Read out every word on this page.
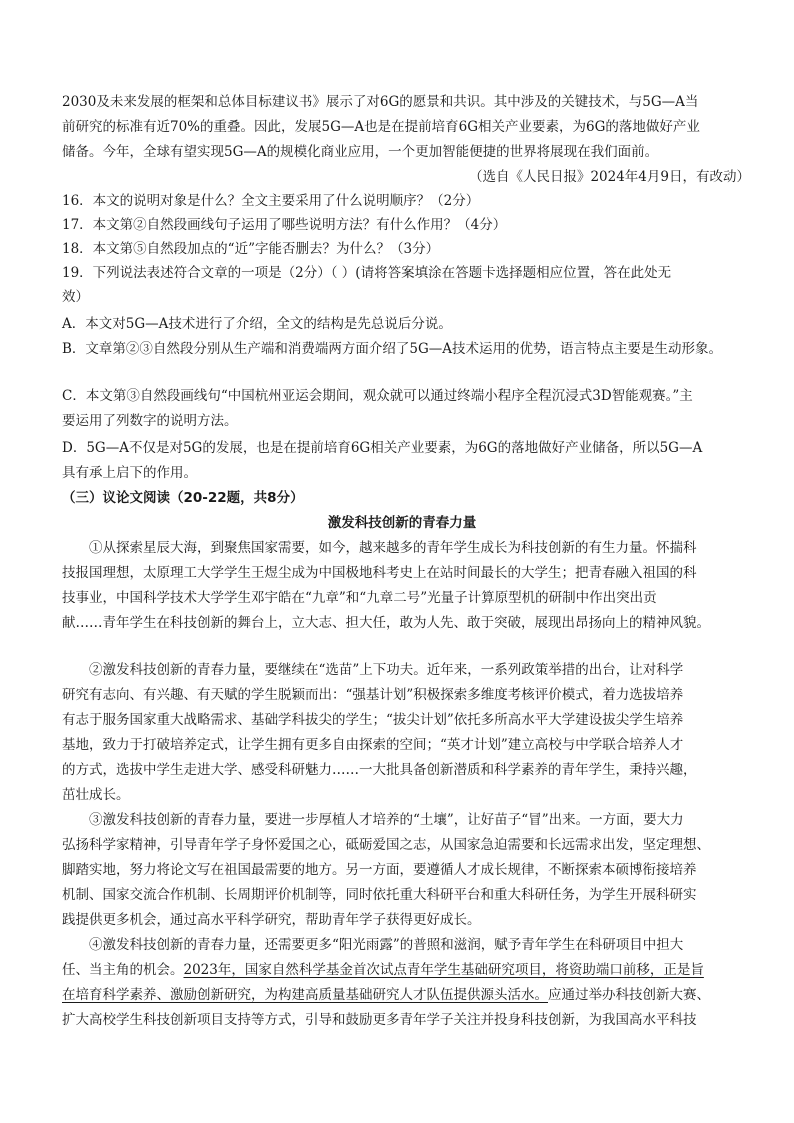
2030及未来发展的框架和总体目标建议书》展示了对6G的愿景和共识。其中涉及的关键技术，与5G—A当
前研究的标准有近70%的重叠。因此，发展5G—A也是在提前培育6G相关产业要素，为6G的落地做好产业
储备。今年，全球有望实现5G—A的规模化商业应用，一个更加智能便捷的世界将展现在我们面前。
（选自《人民日报》2024年4月9日，有改动）
16．本文的说明对象是什么？全文主要采用了什么说明顺序？（2分）
17．本文第②自然段画线句子运用了哪些说明方法？有什么作用？（4分）
18．本文第⑤自然段加点的“近”字能否删去？为什么？（3分）
19．下列说法表述符合文章的一项是（2分）（ ）(请将答案填涂在答题卡选择题相应位置，答在此处无
效）
A．本文对5G—A技术进行了介绍，全文的结构是先总说后分说。
B．文章第②③自然段分别从生产端和消费端两方面介绍了5G—A技术运用的优势，语言特点主要是生动形象。
C．本文第③自然段画线句“中国杭州亚运会期间，观众就可以通过终端小程序全程沉浸式3D智能观赛。”主
要运用了列数字的说明方法。
D．5G—A不仅是对5G的发展，也是在提前培育6G相关产业要素，为6G的落地做好产业储备，所以5G—A
具有承上启下的作用。
（三）议论文阅读（20-22题，共8分）
激发科技创新的青春力量
①从探索星辰大海，到聚焦国家需要，如今，越来越多的青年学生成长为科技创新的有生力量。怀揣科
技报国理想，太原理工大学学生王煜尘成为中国极地科考史上在站时间最长的大学生；把青春融入祖国的科
技事业，中国科学技术大学学生邓宇皓在“九章”和“九章二号”光量子计算原型机的研制中作出突出贡
献……青年学生在科技创新的舞台上，立大志、担大任，敢为人先、敢于突破，展现出昂扬向上的精神风貌。
②激发科技创新的青春力量，要继续在“选苗”上下功夫。近年来，一系列政策举措的出台，让对科学
研究有志向、有兴趣、有天赋的学生脱颖而出：“强基计划”积极探索多维度考核评价模式，着力选拔培养
有志于服务国家重大战略需求、基础学科拔尖的学生；“拔尖计划”依托多所高水平大学建设拔尖学生培养
基地，致力于打破培养定式，让学生拥有更多自由探索的空间；“英才计划”建立高校与中学联合培养人才
的方式，选拔中学生走进大学、感受科研魅力……一大批具备创新潜质和科学素养的青年学生，秉持兴趣，
茁壮成长。
③激发科技创新的青春力量，要进一步厚植人才培养的“土壤”，让好苗子“冒”出来。一方面，要大力
弘扬科学家精神，引导青年学子身怀爱国之心，砥砺爱国之志，从国家急迫需要和长远需求出发，坚定理想、
脚踏实地，努力将论文写在祖国最需要的地方。另一方面，要遵循人才成长规律，不断探索本硕博衔接培养
机制、国家交流合作机制、长周期评价机制等，同时依托重大科研平台和重大科研任务，为学生开展科研实
践提供更多机会，通过高水平科学研究，帮助青年学子获得更好成长。
④激发科技创新的青春力量，还需要更多“阳光雨露”的普照和滋润，赋予青年学生在科研项目中担大
任、当主角的机会。2023年，国家自然科学基金首次试点青年学生基础研究项目，将资助端口前移，正是旨
在培育科学素养、激励创新研究，为构建高质量基础研究人才队伍提供源头活水。应通过举办科技创新大赛、
扩大高校学生科技创新项目支持等方式，引导和鼓励更多青年学子关注并投身科技创新，为我国高水平科技
